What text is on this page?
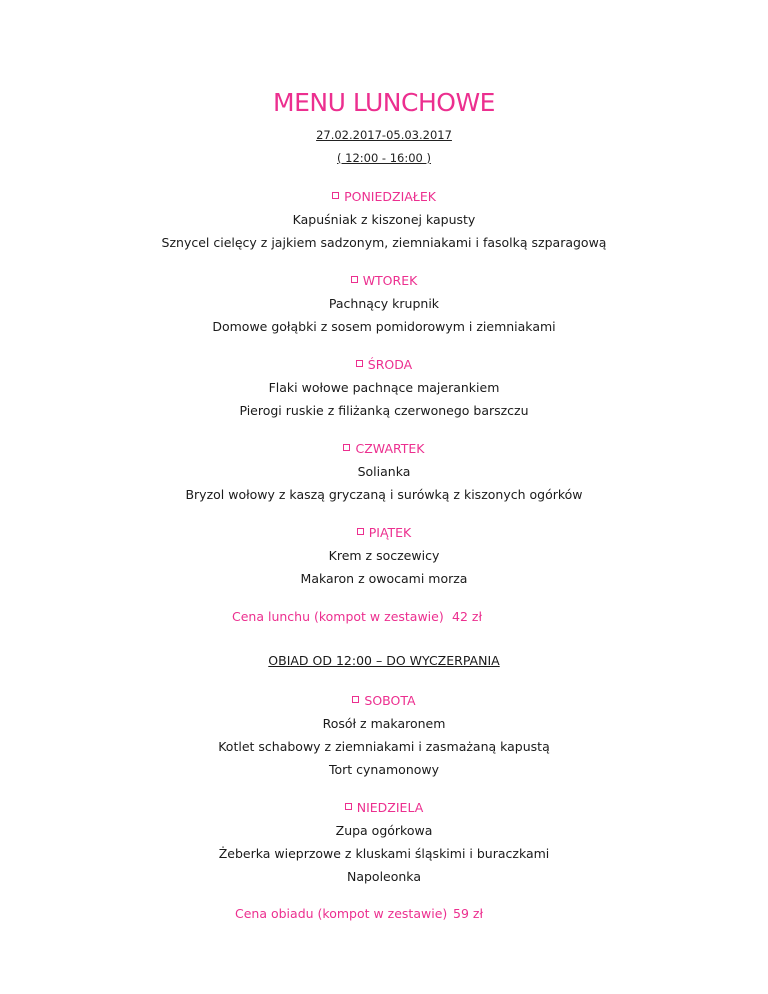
MENU LUNCHOWE
27.02.2017-05.03.2017
( 12:00 - 16:00 )
PONIEDZIAŁEK
Kapuśniak z kiszonej kapusty
Sznycel cielęcy z jajkiem sadzonym, ziemniakami i fasolką szparagową
WTOREK
Pachnący krupnik
Domowe gołąbki z sosem pomidorowym i ziemniakami
ŚRODA
Flaki wołowe pachnące majerankiem
Pierogi ruskie z filiżanką czerwonego barszczu
CZWARTEK
Solianka
Bryzol wołowy z kaszą gryczaną i surówką z kiszonych ogórków
PIĄTEK
Krem z soczewicy
Makaron z owocami morza
Cena lunchu (kompot w zestawie) 42 zł
OBIAD OD 12:00 – DO WYCZERPANIA
SOBOTA
Rosół z makaronem
Kotlet schabowy z ziemniakami i zasmażaną kapustą
Tort cynamonowy
NIEDZIELA
Zupa ogórkowa
Żeberka wieprzowe z kluskami śląskimi i buraczkami
Napoleonka
Cena obiadu (kompot w zestawie) 59 zł
